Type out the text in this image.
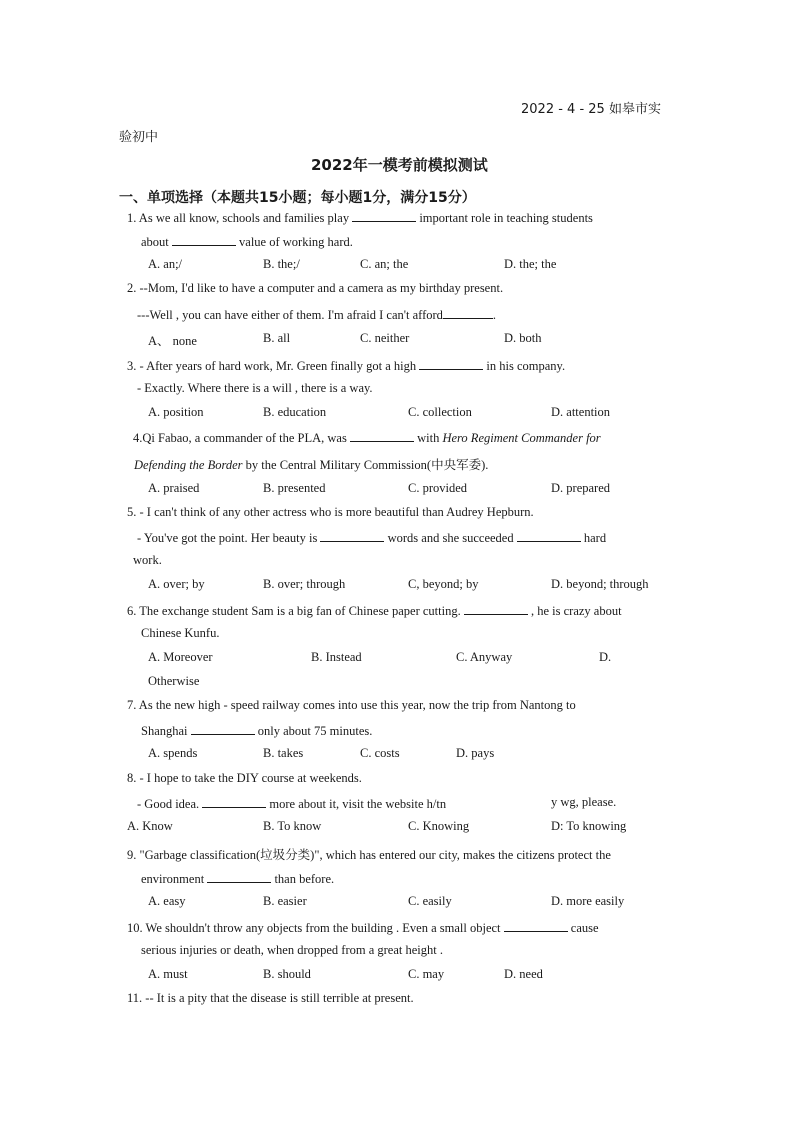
2022 - 4 - 25 如皋市实
验初中
2022年一模考前模拟测试
一、单项选择（本题共15小题；每小题1分，满分15分）
1. As we all know, schools and families play	important role in teaching students
about	value of working hard.
A. an;/	B. the;/	C. an; the	D. the; the
2. --Mom, I'd like to have a computer and a camera as my birthday present.
---Well , you can have either of them. I'm afraid I can't afford	.
A、 none	B. all	C. neither	D. both
3. - After years of hard work, Mr. Green finally got a high	in his company.
- Exactly. Where there is a will , there is a way.
A. position	B. education	C. collection	D. attention
4.Qi Fabao, a commander of the PLA, was	with Hero Regiment Commander for
Defending the Border by the Central Military Commission(中央军委).
A. praised	B. presented	C. provided	D. prepared
5. - I can't think of any other actress who is more beautiful than Audrey Hepburn.
- You've got the point. Her beauty is	words and she succeeded	hard
work.
A. over; by	B. over; through	C, beyond; by	D. beyond; through
6. The exchange student Sam is a big fan of Chinese paper cutting.	, he is crazy about
Chinese Kunfu.
A. Moreover	B. Instead	C. Anyway	D.
Otherwise
7. As the new high - speed railway comes into use this year, now the trip from Nantong to
Shanghai	only about 75 minutes.
A. spends	B. takes	C. costs	D. pays
8. - I hope to take the DIY course at weekends.
- Good idea.	more about it, visit the website h/tn	y wg, please.
A. Know	B. To know	C. Knowing	D: To knowing
9. "Garbage classification(垃圾分类)", which has entered our city, makes the citizens protect the
environment	than before.
A. easy	B. easier	C. easily	D. more easily
10. We shouldn't throw any objects from the building . Even a small object	cause
serious injuries or death, when dropped from a great height .
A. must	B. should	C. may	D. need
11. -- It is a pity that the disease is still terrible at present.
